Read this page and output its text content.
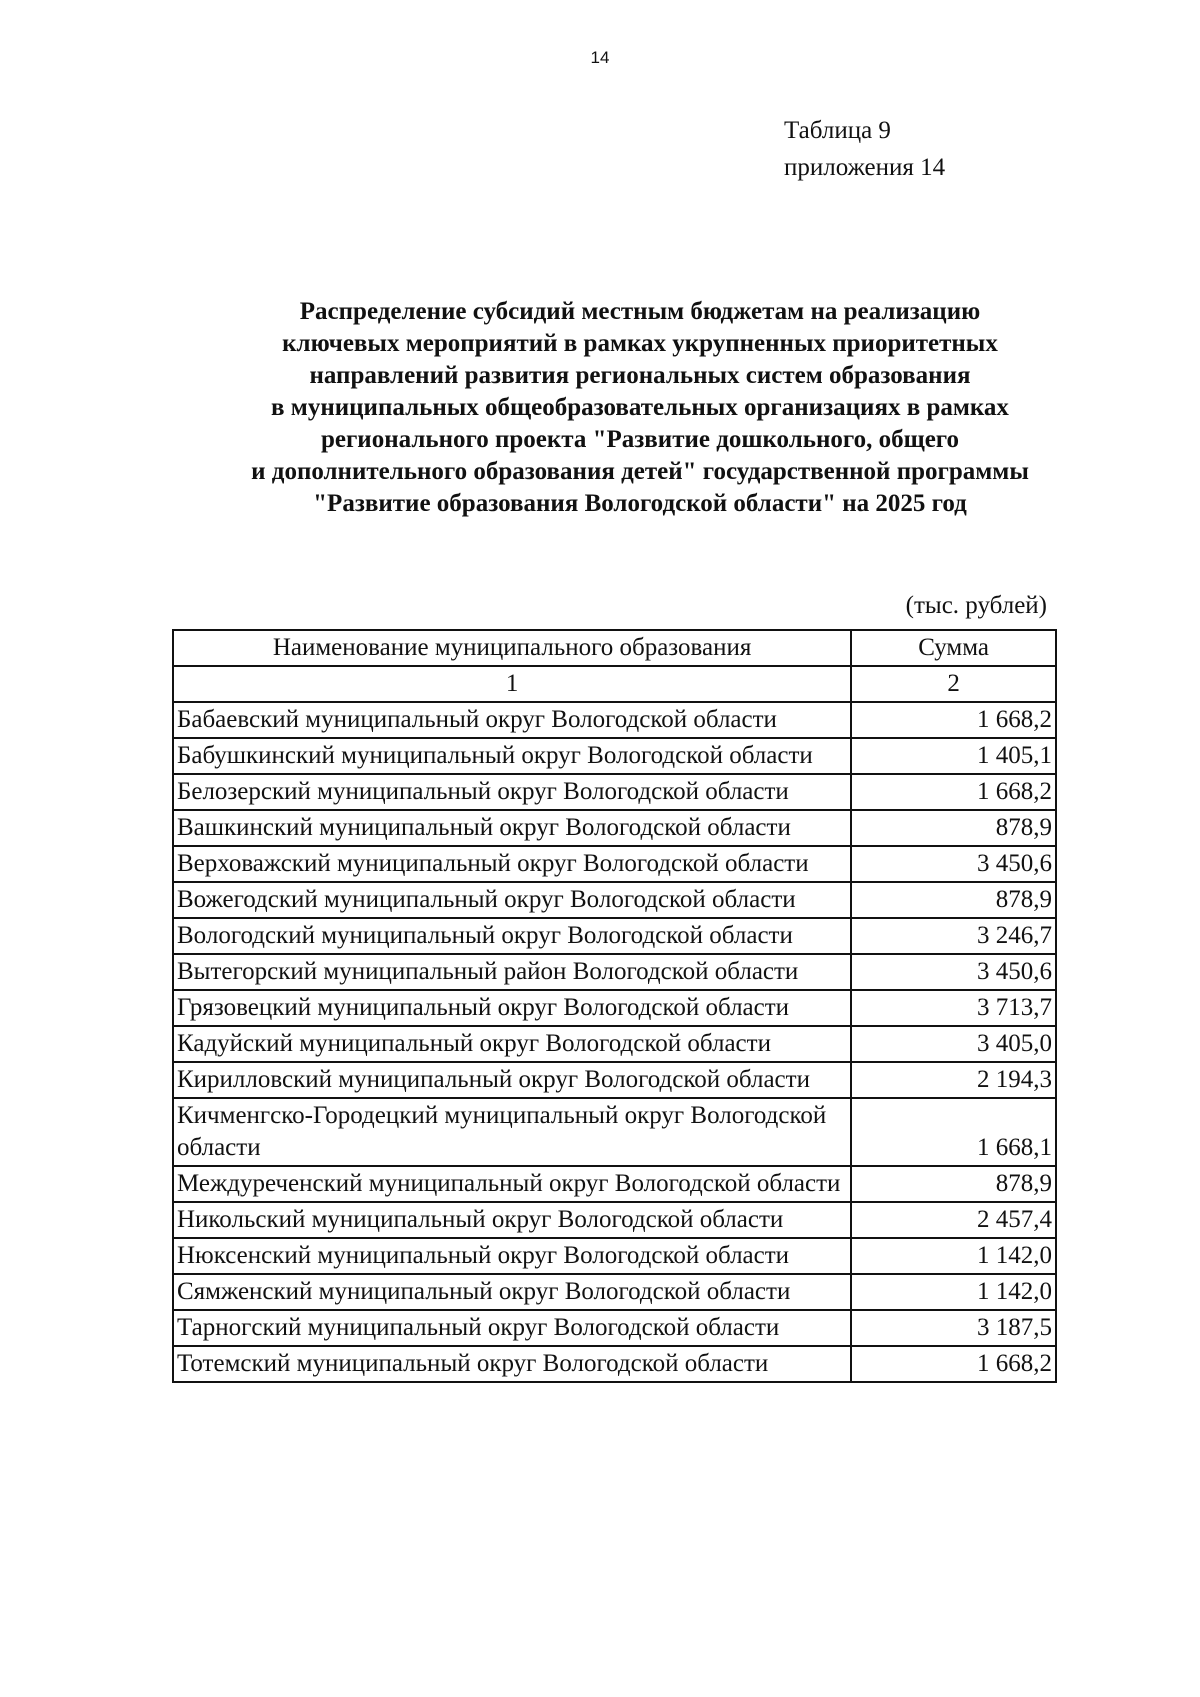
14
Таблица 9
приложения 14
Распределение субсидий местным бюджетам на реализацию
ключевых мероприятий в рамках укрупненных приоритетных
направлений развития региональных систем образования
в муниципальных общеобразовательных организациях в рамках
регионального проекта "Развитие дошкольного, общего
и дополнительного образования детей" государственной программы
"Развитие образования Вологодской области" на 2025 год
(тыс. рублей)
Наименование муниципального образования	Сумма
1	2
Бабаевский муниципальный округ Вологодской области	1 668,2
Бабушкинский муниципальный округ Вологодской области	1 405,1
Белозерский муниципальный округ Вологодской области	1 668,2
Вашкинский муниципальный округ Вологодской области	878,9
Верховажский муниципальный округ Вологодской области	3 450,6
Вожегодский муниципальный округ Вологодской области	878,9
Вологодский муниципальный округ Вологодской области	3 246,7
Вытегорский муниципальный район Вологодской области	3 450,6
Грязовецкий муниципальный округ Вологодской области	3 713,7
Кадуйский муниципальный округ Вологодской области	3 405,0
Кирилловский муниципальный округ Вологодской области	2 194,3
Кичменгско-Городецкий муниципальный округ Вологодской области	1 668,1
Междуреченский муниципальный округ Вологодской области	878,9
Никольский муниципальный округ Вологодской области	2 457,4
Нюксенский муниципальный округ Вологодской области	1 142,0
Сямженский муниципальный округ Вологодской области	1 142,0
Тарногский муниципальный округ Вологодской области	3 187,5
Тотемский муниципальный округ Вологодской области	1 668,2
